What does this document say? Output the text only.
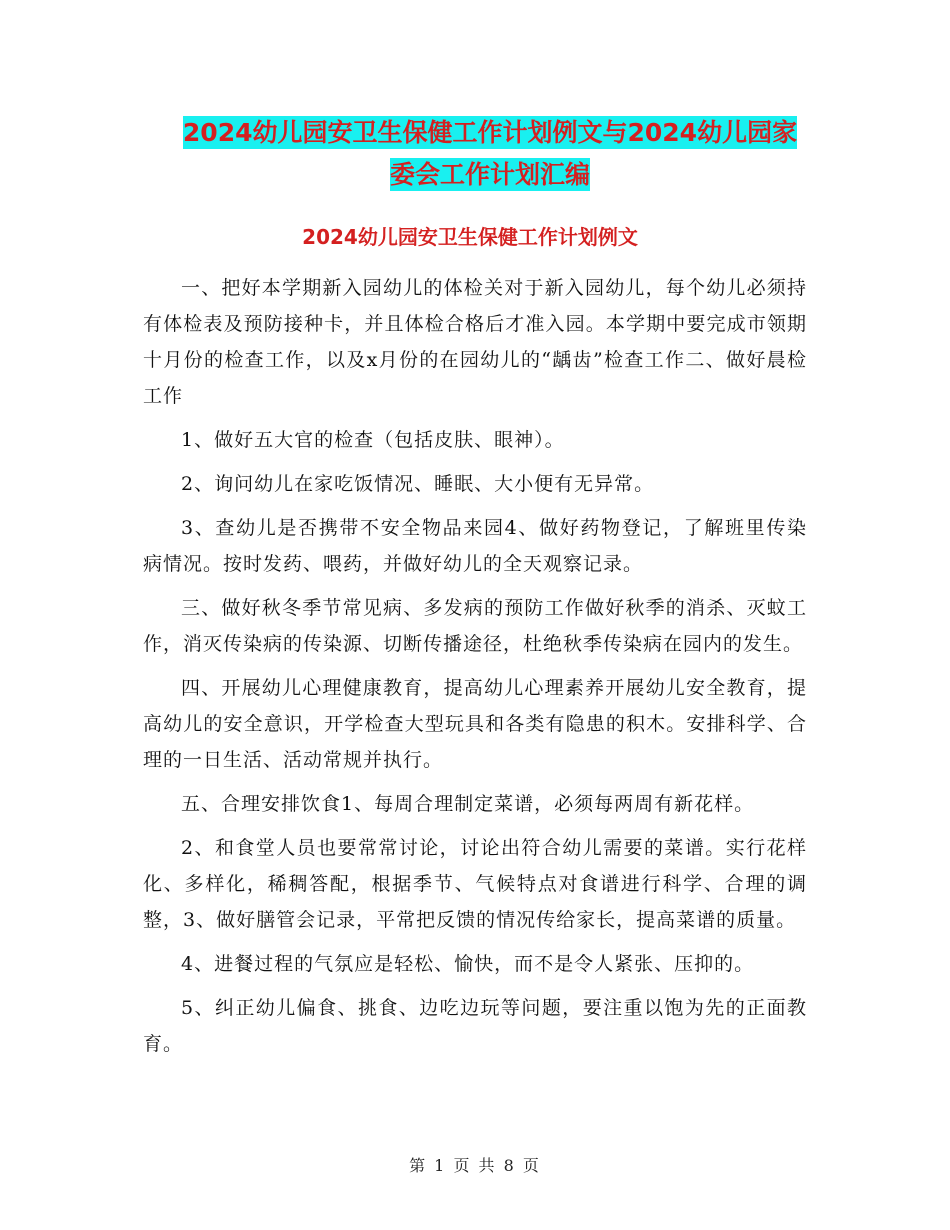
2024幼儿园安卫生保健工作计划例文与2024幼儿园家
委会工作计划汇编
2024幼儿园安卫生保健工作计划例文

一、把好本学期新入园幼儿的体检关对于新入园幼儿，每个幼儿必须持有体检表及预防接种卡，并且体检合格后才准入园。本学期中要完成市领期十月份的检查工作，以及x月份的在园幼儿的“龋齿”检查工作二、做好晨检工作

1、做好五大官的检查（包括皮肤、眼神）。

2、询问幼儿在家吃饭情况、睡眠、大小便有无异常。

3、查幼儿是否携带不安全物品来园4、做好药物登记，了解班里传染病情况。按时发药、喂药，并做好幼儿的全天观察记录。

三、做好秋冬季节常见病、多发病的预防工作做好秋季的消杀、灭蚊工作，消灭传染病的传染源、切断传播途径，杜绝秋季传染病在园内的发生。

四、开展幼儿心理健康教育，提高幼儿心理素养开展幼儿安全教育，提高幼儿的安全意识，开学检查大型玩具和各类有隐患的积木。安排科学、合理的一日生活、活动常规并执行。

五、合理安排饮食1、每周合理制定菜谱，必须每两周有新花样。

2、和食堂人员也要常常讨论，讨论出符合幼儿需要的菜谱。实行花样化、多样化，稀稠答配，根据季节、气候特点对食谱进行科学、合理的调整，3、做好膳管会记录，平常把反馈的情况传给家长，提高菜谱的质量。

4、进餐过程的气氛应是轻松、愉快，而不是令人紧张、压抑的。

5、纠正幼儿偏食、挑食、边吃边玩等问题，要注重以饱为先的正面教育。

第 1 页 共 8 页
